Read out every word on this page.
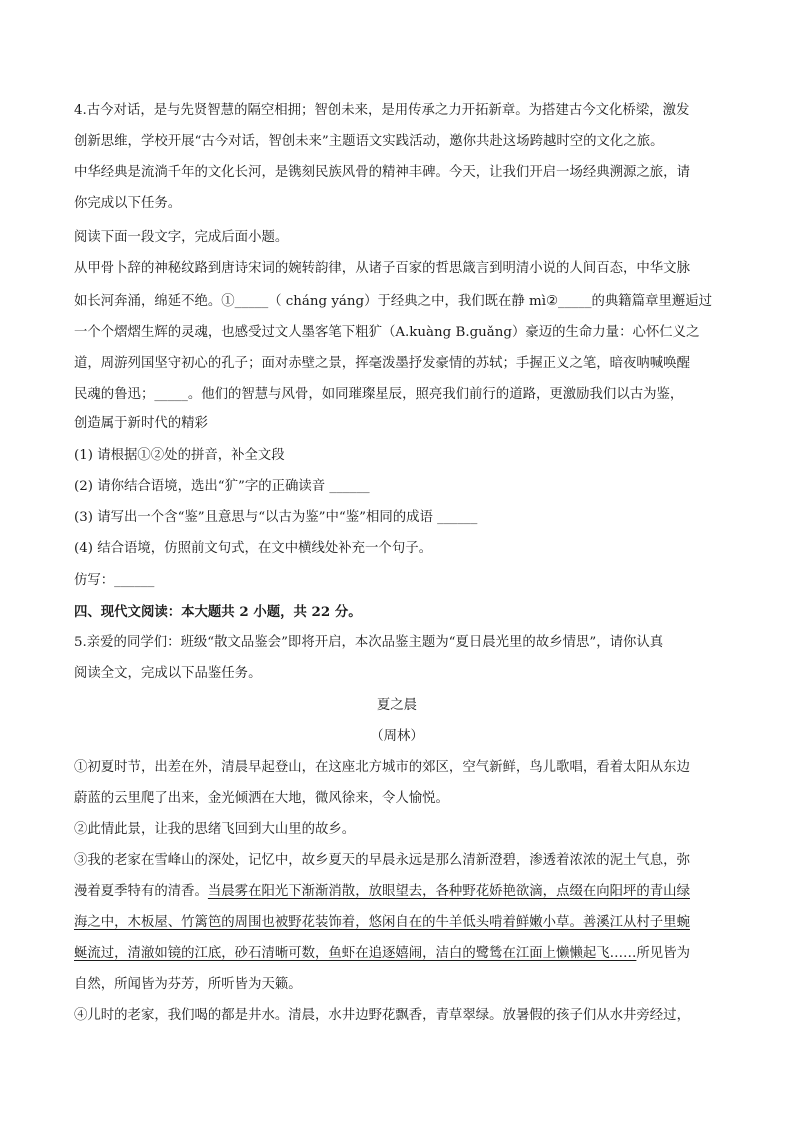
4.古今对话，是与先贤智慧的隔空相拥；智创未来，是用传承之力开拓新章。为搭建古今文化桥梁，激发
创新思维，学校开展“古今对话，智创未来”主题语文实践活动，邀你共赴这场跨越时空的文化之旅。
中华经典是流淌千年的文化长河，是镌刻民族风骨的精神丰碑。今天，让我们开启一场经典溯源之旅，请
你完成以下任务。
阅读下面一段文字，完成后面小题。
从甲骨卜辞的神秘纹路到唐诗宋词的婉转韵律，从诸子百家的哲思箴言到明清小说的人间百态，中华文脉
如长河奔涌，绵延不绝。①_____（ cháng yáng）于经典之中，我们既在静 mì②_____的典籍篇章里邂逅过
一个个熠熠生辉的灵魂，也感受过文人墨客笔下粗犷（A.kuàng B.guǎng）豪迈的生命力量：心怀仁义之
道，周游列国坚守初心的孔子；面对赤壁之景，挥毫泼墨抒发豪情的苏轼；手握正义之笔，暗夜呐喊唤醒
民魂的鲁迅；_____。他们的智慧与风骨，如同璀璨星辰，照亮我们前行的道路，更激励我们以古为鉴，
创造属于新时代的精彩
(1) 请根据①②处的拼音，补全文段
(2) 请你结合语境，选出“犷”字的正确读音 ______
(3) 请写出一个含“鉴”且意思与“以古为鉴”中“鉴”相同的成语 ______
(4) 结合语境，仿照前文句式，在文中横线处补充一个句子。
仿写：______
四、现代文阅读：本大题共 2 小题，共 22 分。
5.亲爱的同学们：班级“散文品鉴会”即将开启，本次品鉴主题为“夏日晨光里的故乡情思”，请你认真
阅读全文，完成以下品鉴任务。
夏之晨
（周林）
①初夏时节，出差在外，清晨早起登山，在这座北方城市的郊区，空气新鲜，鸟儿歌唱，看着太阳从东边
蔚蓝的云里爬了出来，金光倾洒在大地，微风徐来，令人愉悦。
②此情此景，让我的思绪飞回到大山里的故乡。
③我的老家在雪峰山的深处，记忆中，故乡夏天的早晨永远是那么清新澄碧，渗透着浓浓的泥土气息，弥
漫着夏季特有的清香。当晨雾在阳光下渐渐消散，放眼望去，各种野花娇艳欲滴，点缀在向阳坪的青山绿
海之中，木板屋、竹篱笆的周围也被野花装饰着，悠闲自在的牛羊低头啃着鲜嫩小草。善溪江从村子里蜿
蜒流过，清澈如镜的江底，砂石清晰可数，鱼虾在追逐嬉闹，洁白的鹭鸶在江面上懒懒起飞……所见皆为
自然，所闻皆为芬芳，所听皆为天籁。
④儿时的老家，我们喝的都是井水。清晨，水井边野花飘香，青草翠绿。放暑假的孩子们从水井旁经过，
